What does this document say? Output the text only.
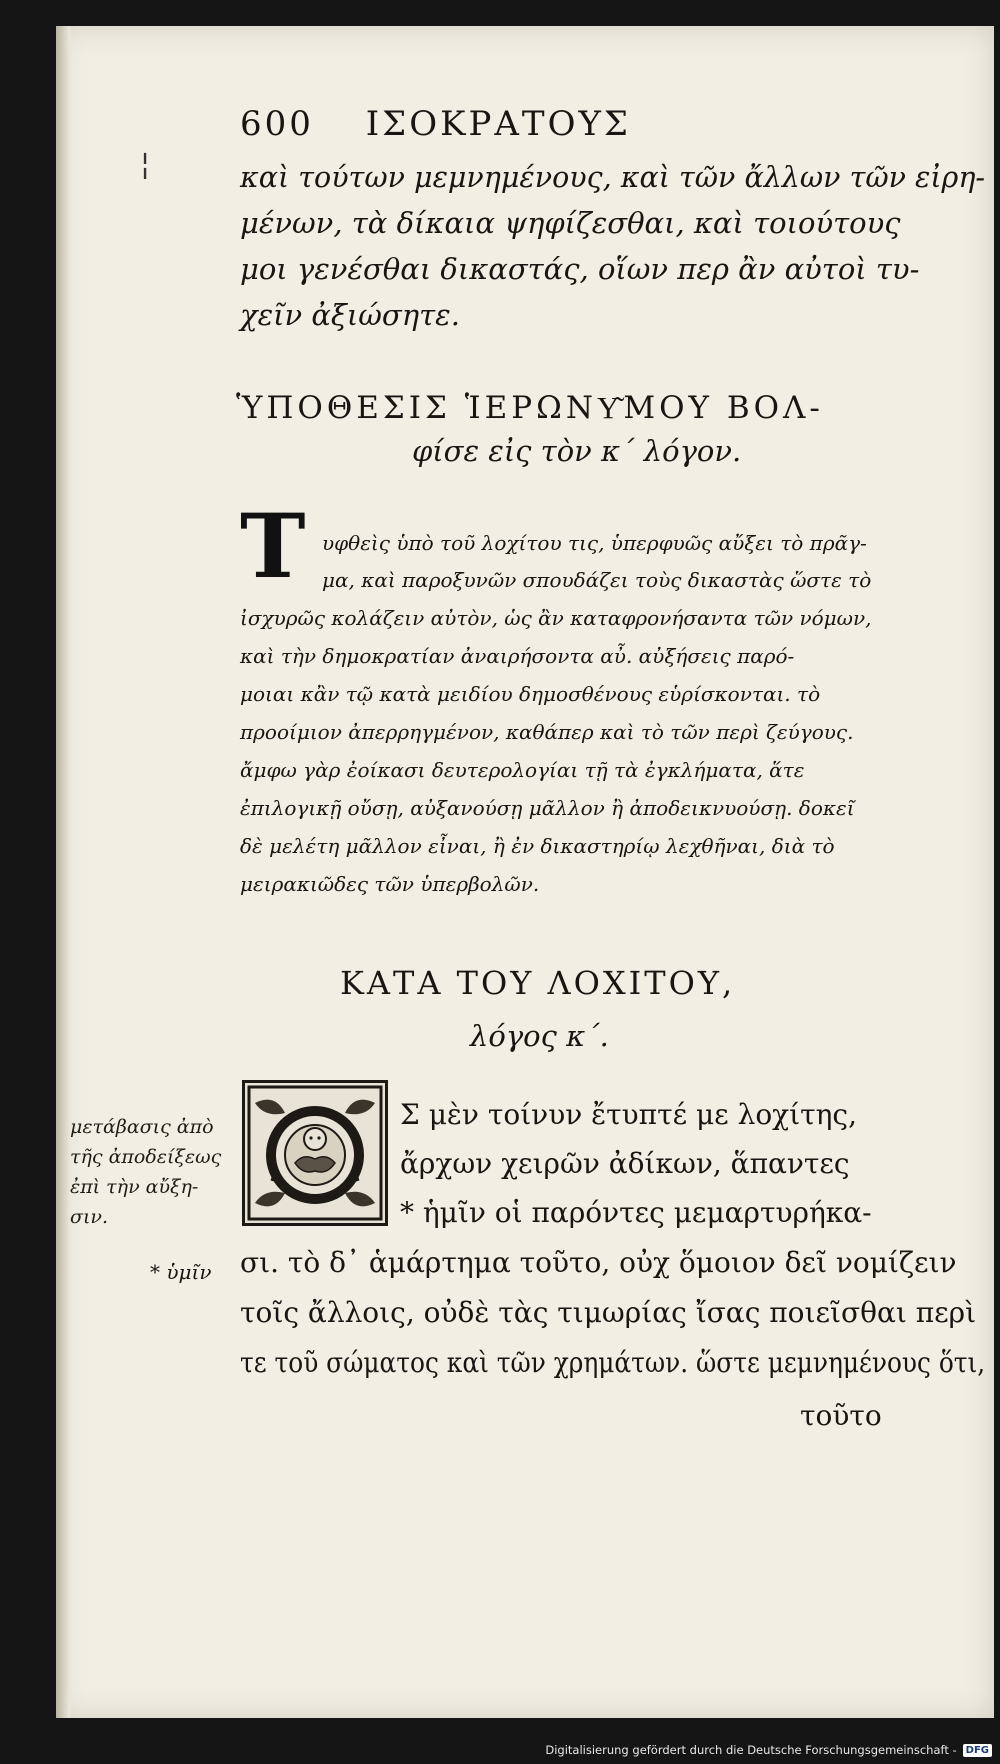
600 ΙΣΟΚΡΑΤΟΥΣ
¦	καὶ τούτων μεμνημένους, καὶ τῶν ἄλλων τῶν εἰρη-
μένων, τὰ δίκαια ψηφίζεσθαι, καὶ τοιούτους
μοι γενέσθαι δικαστάς, οἵων περ ἂν αὐτοὶ τυ-
χεῖν ἀξιώσητε.
ὙΠΟΘΕΣΙΣ ἹΕΡΩΝΥ͂ΜΟΥ ΒΟΛ-
φίσε εἰς τὸν κ΄ λόγον.
T υφθεὶς ὑπὸ τοῦ λοχίτου τις, ὑπερφυῶς αὔξει τὸ πρᾶγ-
μα, καὶ παροξυνῶν σπουδάζει τοὺς δικαστὰς ὥστε τὸ
ἰσχυρῶς κολάζειν αὐτὸν, ὡς ἂν καταφρονήσαντα τῶν νόμων,
καὶ τὴν δημοκρατίαν ἀναιρήσοντα αὖ. αὐξήσεις παρό-
μοιαι κἂν τῷ κατὰ μειδίου δημοσθένους εὑρίσκονται. τὸ
προοίμιον ἀπερρηγμένον, καθάπερ καὶ τὸ τῶν περὶ ζεύγους.
ἄμφω γὰρ ἐοίκασι δευτερολογίαι τῇ τὰ ἐγκλήματα, ἅτε
ἐπιλογικῇ οὔσῃ, αὐξανούσῃ μᾶλλον ἢ ἀποδεικνυούσῃ. δοκεῖ
δὲ μελέτη μᾶλλον εἶναι, ἢ ἐν δικαστηρίῳ λεχθῆναι, διὰ τὸ
μειρακιῶδες τῶν ὑπερβολῶν.
ΚΑΤΑ ΤΟΥ ΛΟΧΙΤΟΥ,
λόγος κ΄.
Σ μὲν τοίνυν ἔτυπτέ με λοχίτης,
ἄρχων χειρῶν ἀδίκων, ἅπαντες
* ἡμῖν οἱ παρόντες μεμαρτυρήκα-
σι. τὸ δ᾽ ἁμάρτημα τοῦτο, οὐχ ὅμοιον δεῖ νομίζειν
τοῖς ἄλλοις, οὐδὲ τὰς τιμωρίας ἴσας ποιεῖσθαι περὶ
τε τοῦ σώματος καὶ τῶν χρημάτων. ὥστε μεμνημένους ὅτι,
τοῦτο
μετάβασις ἀπὸ
τῆς ἀποδείξεως
ἐπὶ τὴν αὔξη-
σιν.
* ὑμῖν
Digitalisierung gefördert durch die Deutsche Forschungsgemeinschaft - DFG
